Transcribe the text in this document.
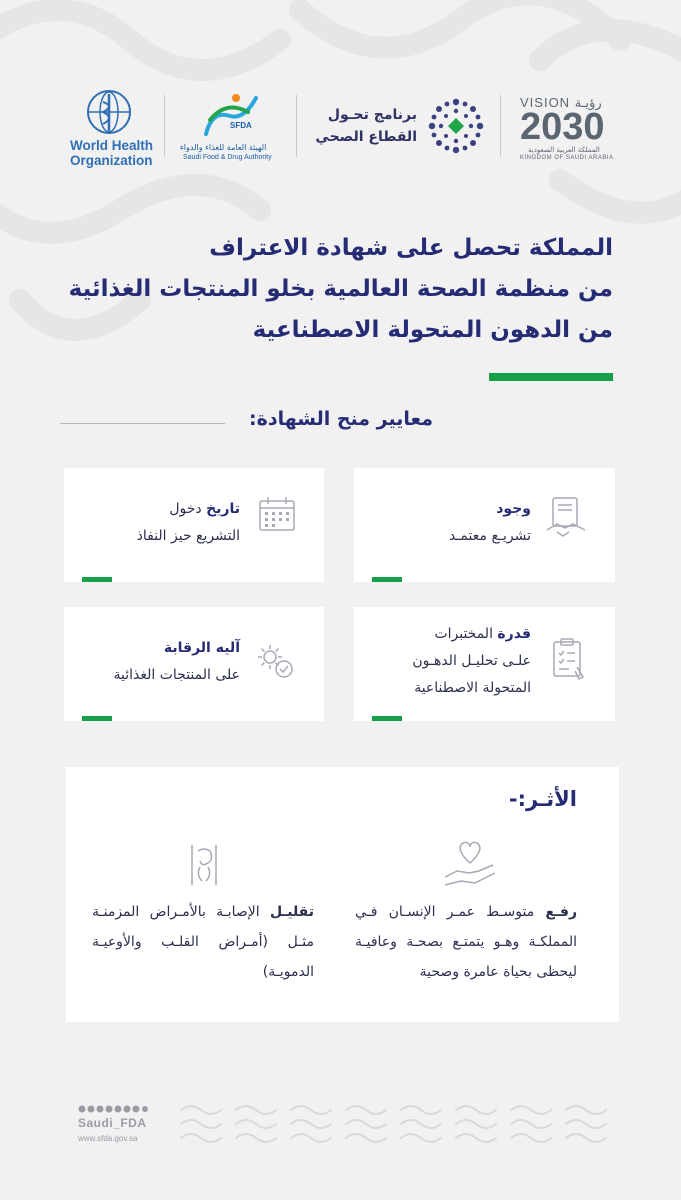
World Health
Organization
SFDA
الهيئة العامة للغذاء والدواء
Saudi Food & Drug Authority
برنامج تحـول
القطاع الصحي
VISION رؤيـة
2030
المملكة العربية السعودية
KINGDOM OF SAUDI ARABIA
المملكة تحصل على شهادة الاعتراف
من منظمة الصحة العالمية بخلو المنتجات الغذائية
من الدهون المتحولة الاصطناعية
معايير منح الشهادة:
وجود
تشريـع معتمـد
تاريخ دخول
التشريع حيز النفاذ
قدرة المختبرات
علـى تحليـل الدهـون
المتحولة الاصطناعية
آليه الرقابة
على المنتجات الغذائية
الأثـر:-
رفـع متوسـط عمـر الإنسـان فـي المملكـة وهـو يتمتـع بصحـة وعافيـة ليحظى بحياة عامرة وصحية
تقليـل الإصابـة بالأمـراض المزمنـة مثـل (أمـراض القلـب والأوعيـة الدمويـة)
Saudi_FDA
www.sfda.gov.sa
